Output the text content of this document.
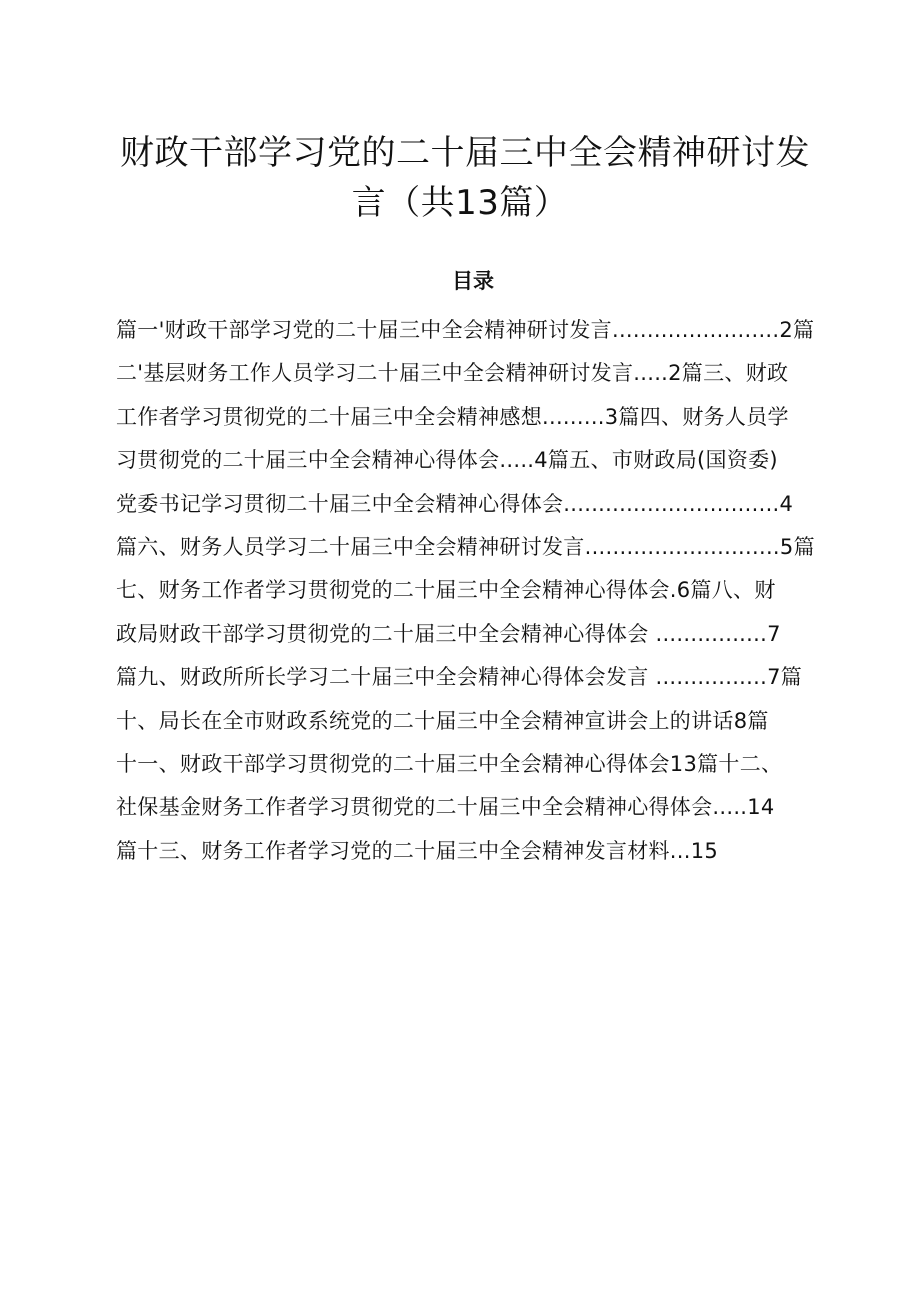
财政干部学习党的二十届三中全会精神研讨发
言（共13篇）
目录
篇一'财政干部学习党的二十届三中全会精神研讨发言........................2篇
二'基层财务工作人员学习二十届三中全会精神研讨发言.....2篇三、财政
工作者学习贯彻党的二十届三中全会精神感想.........3篇四、财务人员学
习贯彻党的二十届三中全会精神心得体会.....4篇五、市财政局(国资委)
党委书记学习贯彻二十届三中全会精神心得体会...............................4
篇六、财务人员学习二十届三中全会精神研讨发言............................5篇
七、财务工作者学习贯彻党的二十届三中全会精神心得体会.6篇八、财
政局财政干部学习贯彻党的二十届三中全会精神心得体会 ................7
篇九、财政所所长学习二十届三中全会精神心得体会发言 ................7篇
十、局长在全市财政系统党的二十届三中全会精神宣讲会上的讲话8篇
十一、财政干部学习贯彻党的二十届三中全会精神心得体会13篇十二、
社保基金财务工作者学习贯彻党的二十届三中全会精神心得体会.....14
篇十三、财务工作者学习党的二十届三中全会精神发言材料...15
